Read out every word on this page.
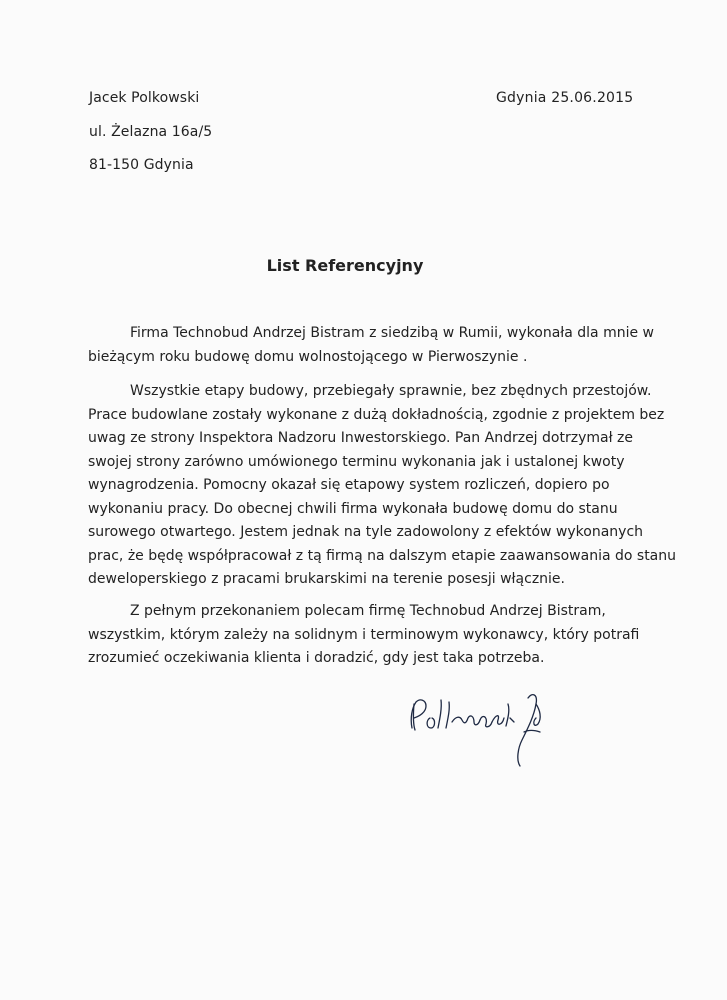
Jacek Polkowski
ul. Żelazna 16a/5
81-150 Gdynia
Gdynia 25.06.2015
List Referencyjny
Firma Technobud Andrzej Bistram z siedzibą w Rumii, wykonała dla mnie w
bieżącym roku budowę domu wolnostojącego w Pierwoszynie .
Wszystkie etapy budowy, przebiegały sprawnie, bez zbędnych przestojów.
Prace budowlane zostały wykonane z dużą dokładnością, zgodnie z projektem bez
uwag ze strony Inspektora Nadzoru Inwestorskiego. Pan Andrzej dotrzymał ze
swojej strony zarówno umówionego terminu wykonania jak i ustalonej kwoty
wynagrodzenia. Pomocny okazał się etapowy system rozliczeń, dopiero po
wykonaniu pracy. Do obecnej chwili firma wykonała budowę domu do stanu
surowego otwartego. Jestem jednak na tyle zadowolony z efektów wykonanych
prac, że będę współpracował z tą firmą na dalszym etapie zaawansowania do stanu
deweloperskiego z pracami brukarskimi na terenie posesji włącznie.
Z pełnym przekonaniem polecam firmę Technobud Andrzej Bistram,
wszystkim, którym zależy na solidnym i terminowym wykonawcy, który potrafi
zrozumieć oczekiwania klienta i doradzić, gdy jest taka potrzeba.
